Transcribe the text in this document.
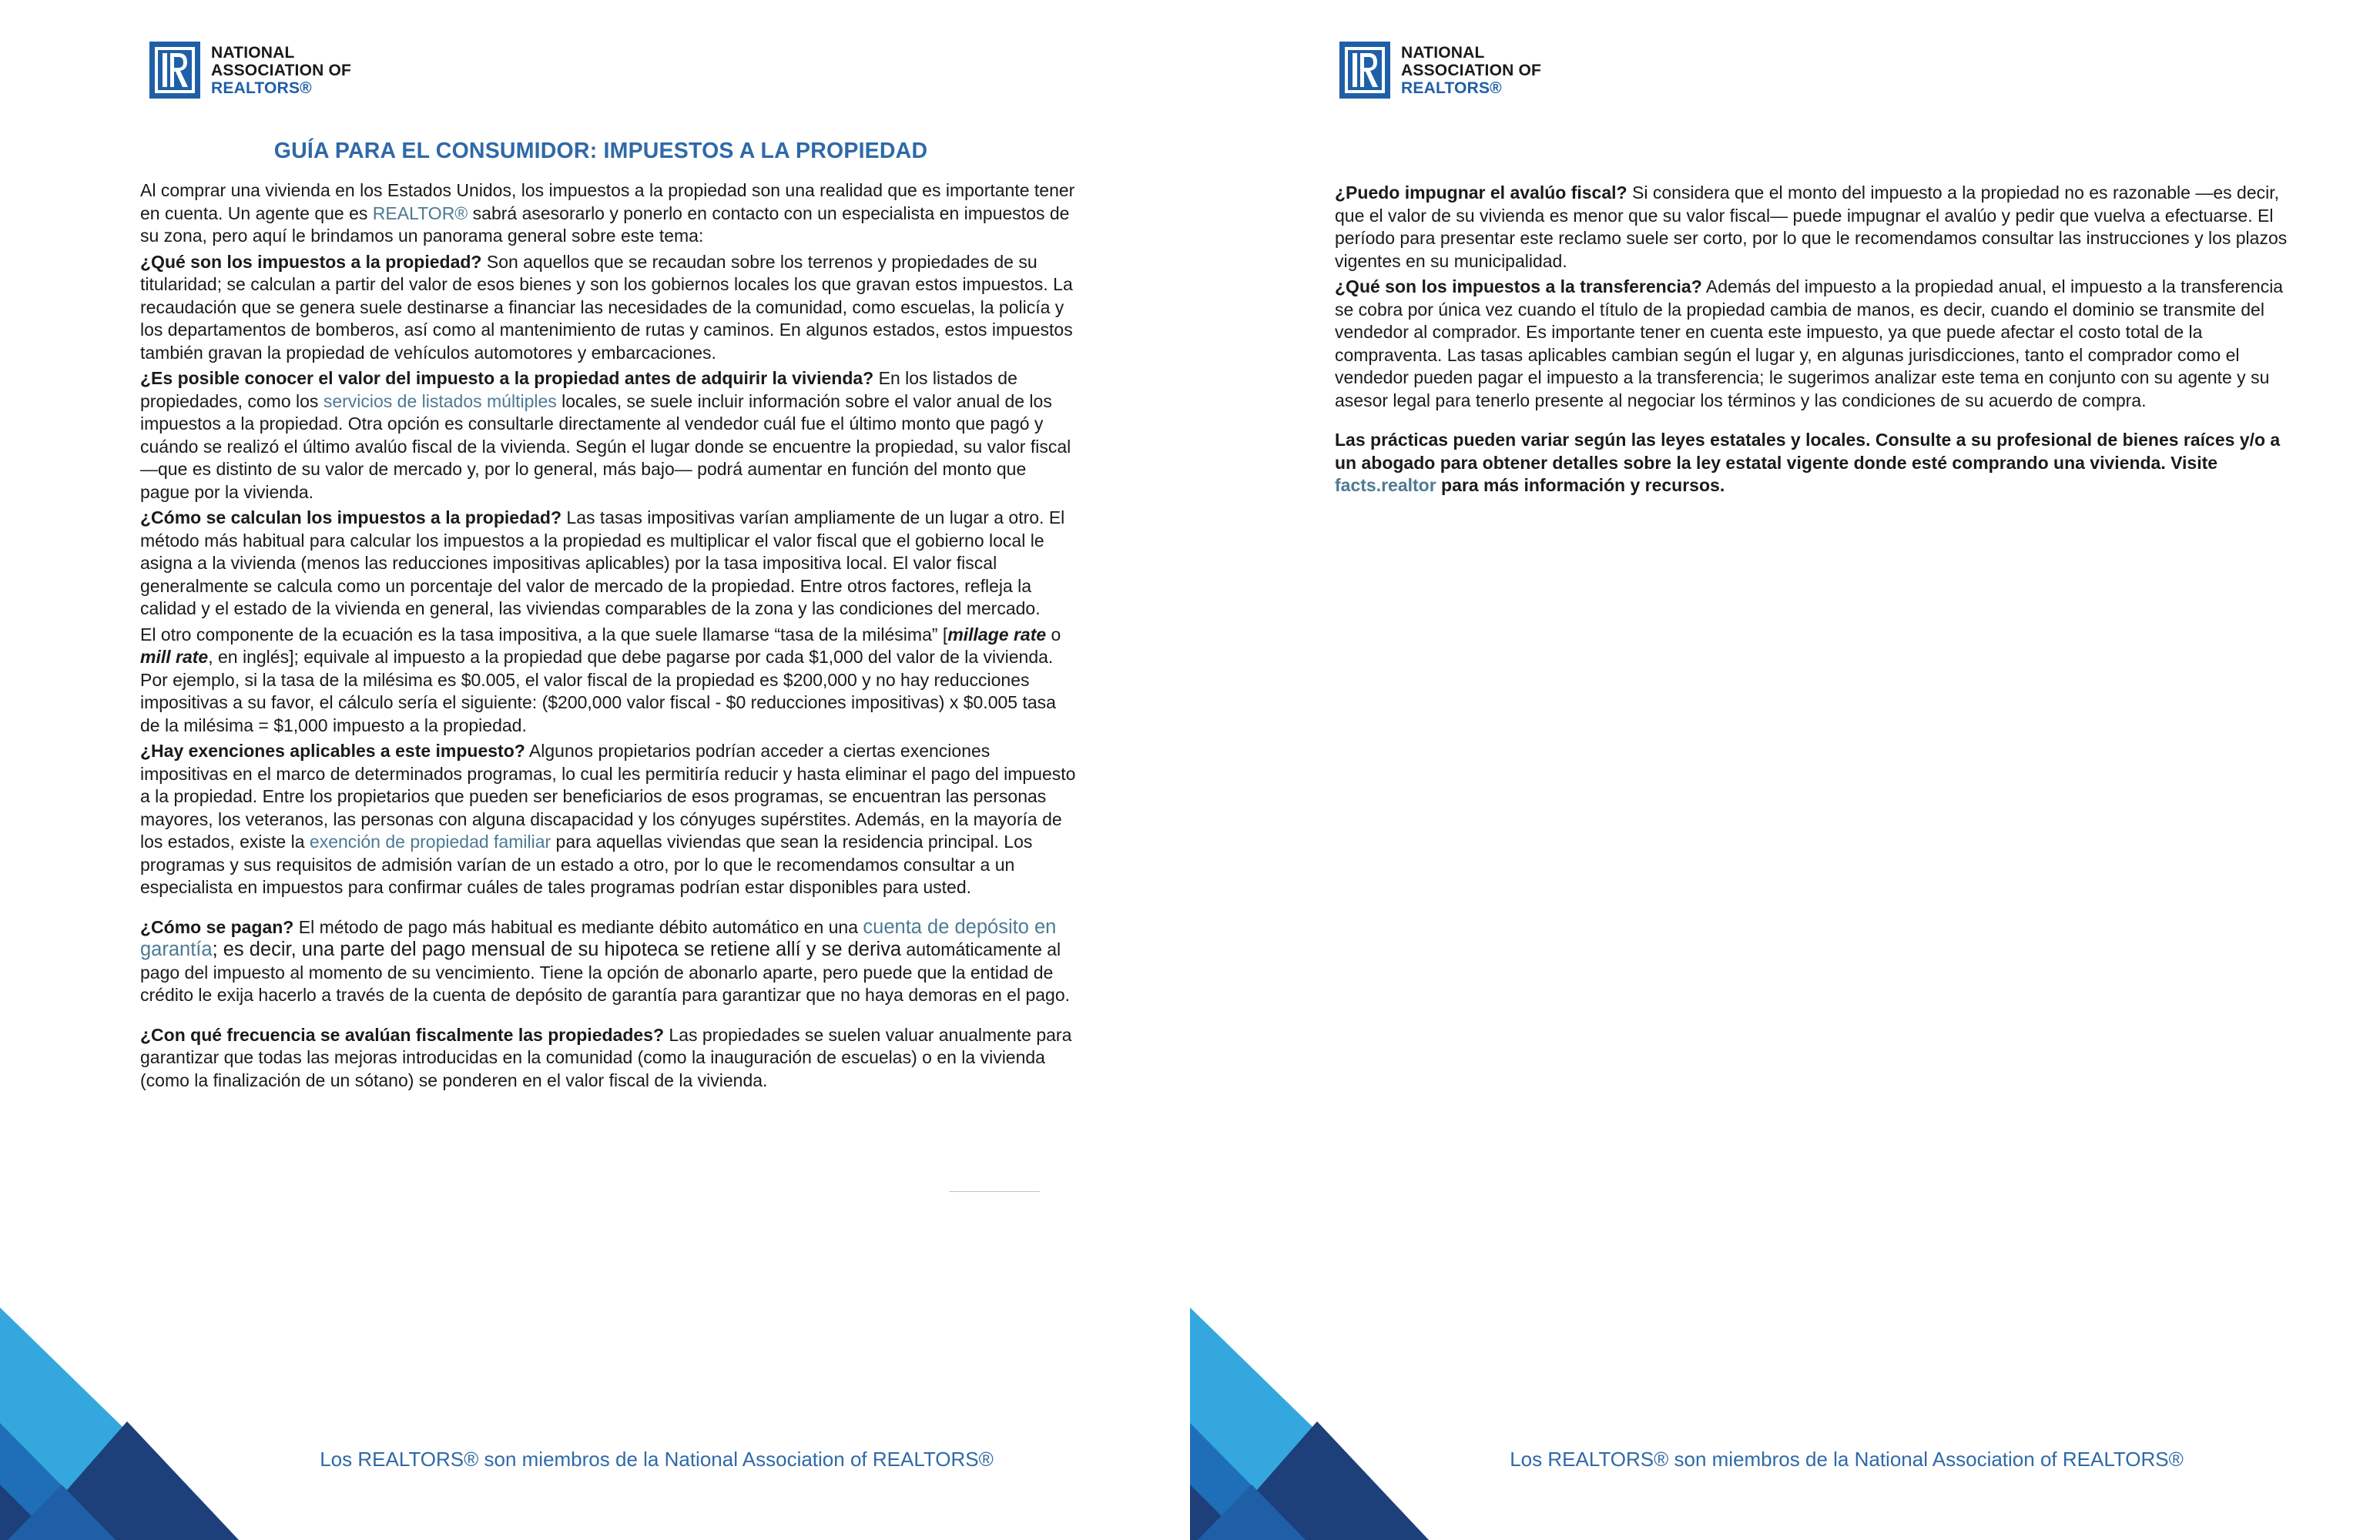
NATIONAL
ASSOCIATION OF
REALTORS®
GUÍA PARA EL CONSUMIDOR: IMPUESTOS A LA PROPIEDAD

Al comprar una vivienda en los Estados Unidos, los impuestos a la propiedad son una realidad que es importante tener en cuenta. Un agente que es REALTOR® sabrá asesorarlo y ponerlo en contacto con un especialista en impuestos de su zona, pero aquí le brindamos un panorama general sobre este tema:

¿Qué son los impuestos a la propiedad? Son aquellos que se recaudan sobre los terrenos y propiedades de su titularidad; se calculan a partir del valor de esos bienes y son los gobiernos locales los que gravan estos impuestos. La recaudación que se genera suele destinarse a financiar las necesidades de la comunidad, como escuelas, la policía y los departamentos de bomberos, así como al mantenimiento de rutas y caminos. En algunos estados, estos impuestos también gravan la propiedad de vehículos automotores y embarcaciones.

¿Es posible conocer el valor del impuesto a la propiedad antes de adquirir la vivienda? En los listados de propiedades, como los servicios de listados múltiples locales, se suele incluir información sobre el valor anual de los impuestos a la propiedad. Otra opción es consultarle directamente al vendedor cuál fue el último monto que pagó y cuándo se realizó el último avalúo fiscal de la vivienda. Según el lugar donde se encuentre la propiedad, su valor fiscal —que es distinto de su valor de mercado y, por lo general, más bajo— podrá aumentar en función del monto que pague por la vivienda.

¿Cómo se calculan los impuestos a la propiedad? Las tasas impositivas varían ampliamente de un lugar a otro. El método más habitual para calcular los impuestos a la propiedad es multiplicar el valor fiscal que el gobierno local le asigna a la vivienda (menos las reducciones impositivas aplicables) por la tasa impositiva local. El valor fiscal generalmente se calcula como un porcentaje del valor de mercado de la propiedad. Entre otros factores, refleja la calidad y el estado de la vivienda en general, las viviendas comparables de la zona y las condiciones del mercado.

El otro componente de la ecuación es la tasa impositiva, a la que suele llamarse “tasa de la milésima” [millage rate o mill rate, en inglés]; equivale al impuesto a la propiedad que debe pagarse por cada $1,000 del valor de la vivienda. Por ejemplo, si la tasa de la milésima es $0.005, el valor fiscal de la propiedad es $200,000 y no hay reducciones impositivas a su favor, el cálculo sería el siguiente: ($200,000 valor fiscal - $0 reducciones impositivas) x $0.005 tasa de la milésima = $1,000 impuesto a la propiedad.

¿Hay exenciones aplicables a este impuesto? Algunos propietarios podrían acceder a ciertas exenciones impositivas en el marco de determinados programas, lo cual les permitiría reducir y hasta eliminar el pago del impuesto a la propiedad. Entre los propietarios que pueden ser beneficiarios de esos programas, se encuentran las personas mayores, los veteranos, las personas con alguna discapacidad y los cónyuges supérstites. Además, en la mayoría de los estados, existe la exención de propiedad familiar para aquellas viviendas que sean la residencia principal. Los programas y sus requisitos de admisión varían de un estado a otro, por lo que le recomendamos consultar a un especialista en impuestos para confirmar cuáles de tales programas podrían estar disponibles para usted.

¿Cómo se pagan? El método de pago más habitual es mediante débito automático en una cuenta de depósito en garantía; es decir, una parte del pago mensual de su hipoteca se retiene allí y se deriva automáticamente al pago del impuesto al momento de su vencimiento. Tiene la opción de abonarlo aparte, pero puede que la entidad de crédito le exija hacerlo a través de la cuenta de depósito de garantía para garantizar que no haya demoras en el pago.

¿Con qué frecuencia se avalúan fiscalmente las propiedades? Las propiedades se suelen valuar anualmente para garantizar que todas las mejoras introducidas en la comunidad (como la inauguración de escuelas) o en la vivienda (como la finalización de un sótano) se ponderen en el valor fiscal de la vivienda.

Los REALTORS® son miembros de la National Association of REALTORS®
NATIONAL
ASSOCIATION OF
REALTORS®

¿Puedo impugnar el avalúo fiscal? Si considera que el monto del impuesto a la propiedad no es razonable —es decir, que el valor de su vivienda es menor que su valor fiscal— puede impugnar el avalúo y pedir que vuelva a efectuarse. El período para presentar este reclamo suele ser corto, por lo que le recomendamos consultar las instrucciones y los plazos vigentes en su municipalidad.

¿Qué son los impuestos a la transferencia? Además del impuesto a la propiedad anual, el impuesto a la transferencia se cobra por única vez cuando el título de la propiedad cambia de manos, es decir, cuando el dominio se transmite del vendedor al comprador. Es importante tener en cuenta este impuesto, ya que puede afectar el costo total de la compraventa. Las tasas aplicables cambian según el lugar y, en algunas jurisdicciones, tanto el comprador como el vendedor pueden pagar el impuesto a la transferencia; le sugerimos analizar este tema en conjunto con su agente y su asesor legal para tenerlo presente al negociar los términos y las condiciones de su acuerdo de compra.

Las prácticas pueden variar según las leyes estatales y locales. Consulte a su profesional de bienes raíces y/o a un abogado para obtener detalles sobre la ley estatal vigente donde esté comprando una vivienda. Visite facts.realtor para más información y recursos.

Los REALTORS® son miembros de la National Association of REALTORS®
